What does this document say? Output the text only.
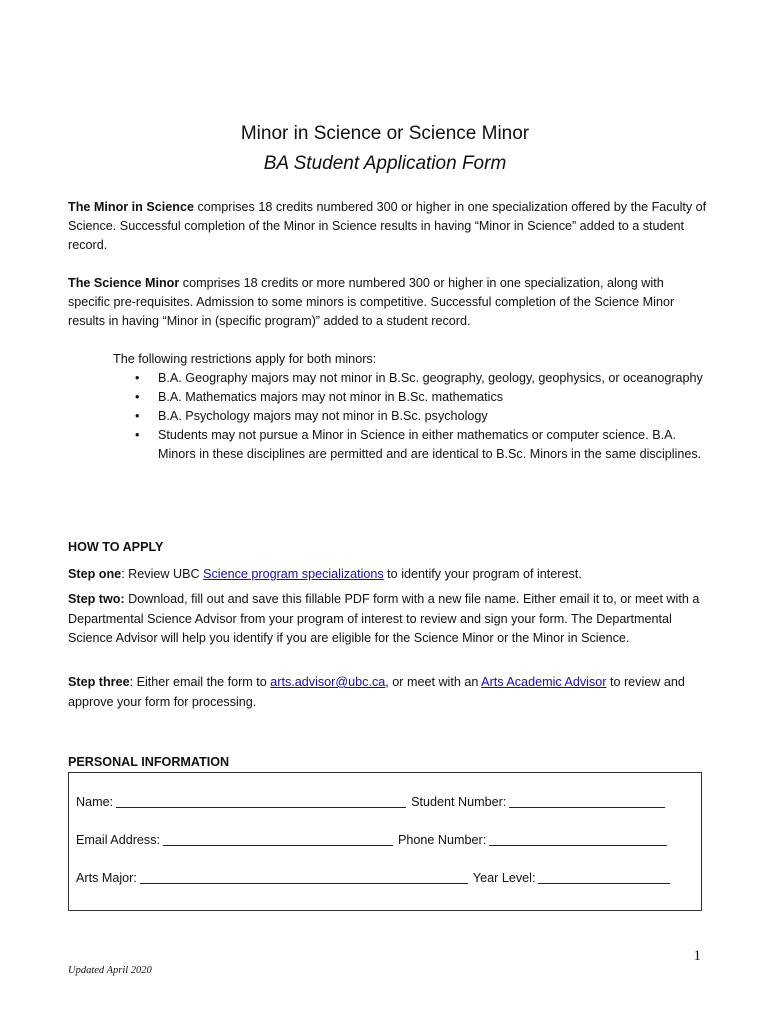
Minor in Science or Science Minor
BA Student Application Form
The Minor in Science comprises 18 credits numbered 300 or higher in one specialization offered by the Faculty of Science. Successful completion of the Minor in Science results in having “Minor in Science” added to a student record.
The Science Minor comprises 18 credits or more numbered 300 or higher in one specialization, along with specific pre-requisites. Admission to some minors is competitive. Successful completion of the Science Minor results in having “Minor in (specific program)” added to a student record.
The following restrictions apply for both minors:
• B.A. Geography majors may not minor in B.Sc. geography, geology, geophysics, or oceanography
• B.A. Mathematics majors may not minor in B.Sc. mathematics
• B.A. Psychology majors may not minor in B.Sc. psychology
• Students may not pursue a Minor in Science in either mathematics or computer science. B.A. Minors in these disciplines are permitted and are identical to B.Sc. Minors in the same disciplines.
HOW TO APPLY
Step one: Review UBC Science program specializations to identify your program of interest.
Step two: Download, fill out and save this fillable PDF form with a new file name. Either email it to, or meet with a Departmental Science Advisor from your program of interest to review and sign your form. The Departmental Science Advisor will help you identify if you are eligible for the Science Minor or the Minor in Science.
Step three: Either email the form to arts.advisor@ubc.ca, or meet with an Arts Academic Advisor to review and approve your form for processing.
PERSONAL INFORMATION
Name:	Student Number:
Email Address:	Phone Number:
Arts Major:	Year Level:
1
Updated April 2020
